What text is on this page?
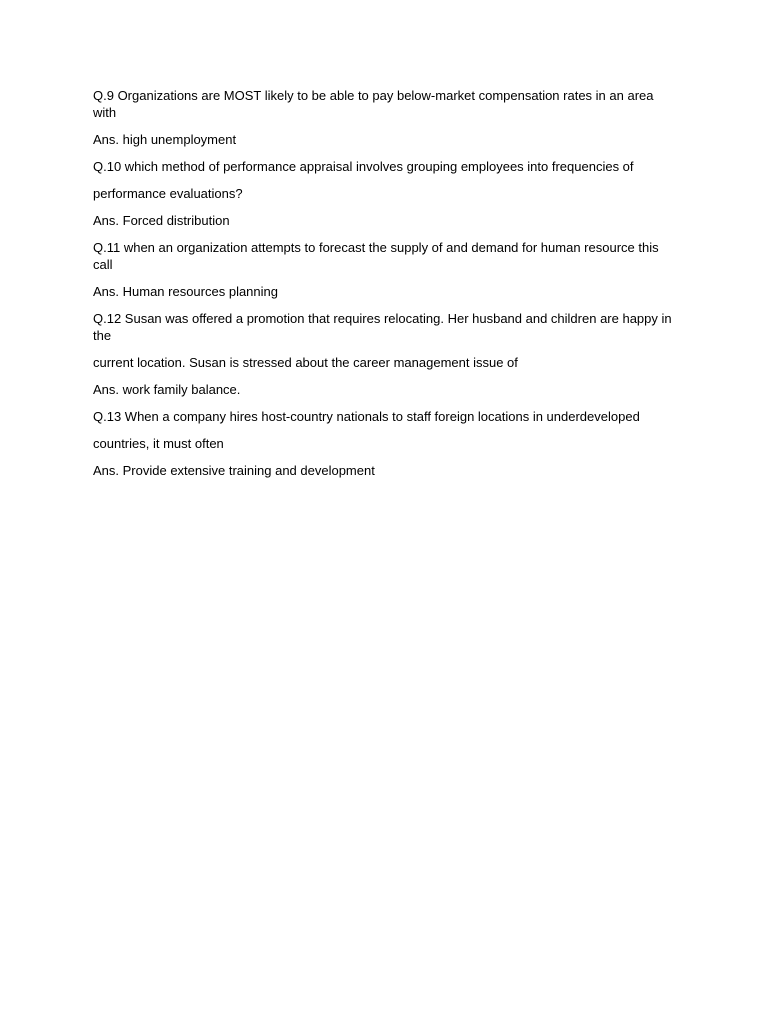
Q.9 Organizations are MOST likely to be able to pay below-market compensation rates in an area with

Ans. high unemployment

Q.10 which method of performance appraisal involves grouping employees into frequencies of

performance evaluations?

Ans. Forced distribution

Q.11 when an organization attempts to forecast the supply of and demand for human resource this call

Ans. Human resources planning

Q.12 Susan was offered a promotion that requires relocating. Her husband and children are happy in the

current location. Susan is stressed about the career management issue of

Ans. work family balance.

Q.13 When a company hires host-country nationals to staff foreign locations in underdeveloped

countries, it must often

Ans. Provide extensive training and development
